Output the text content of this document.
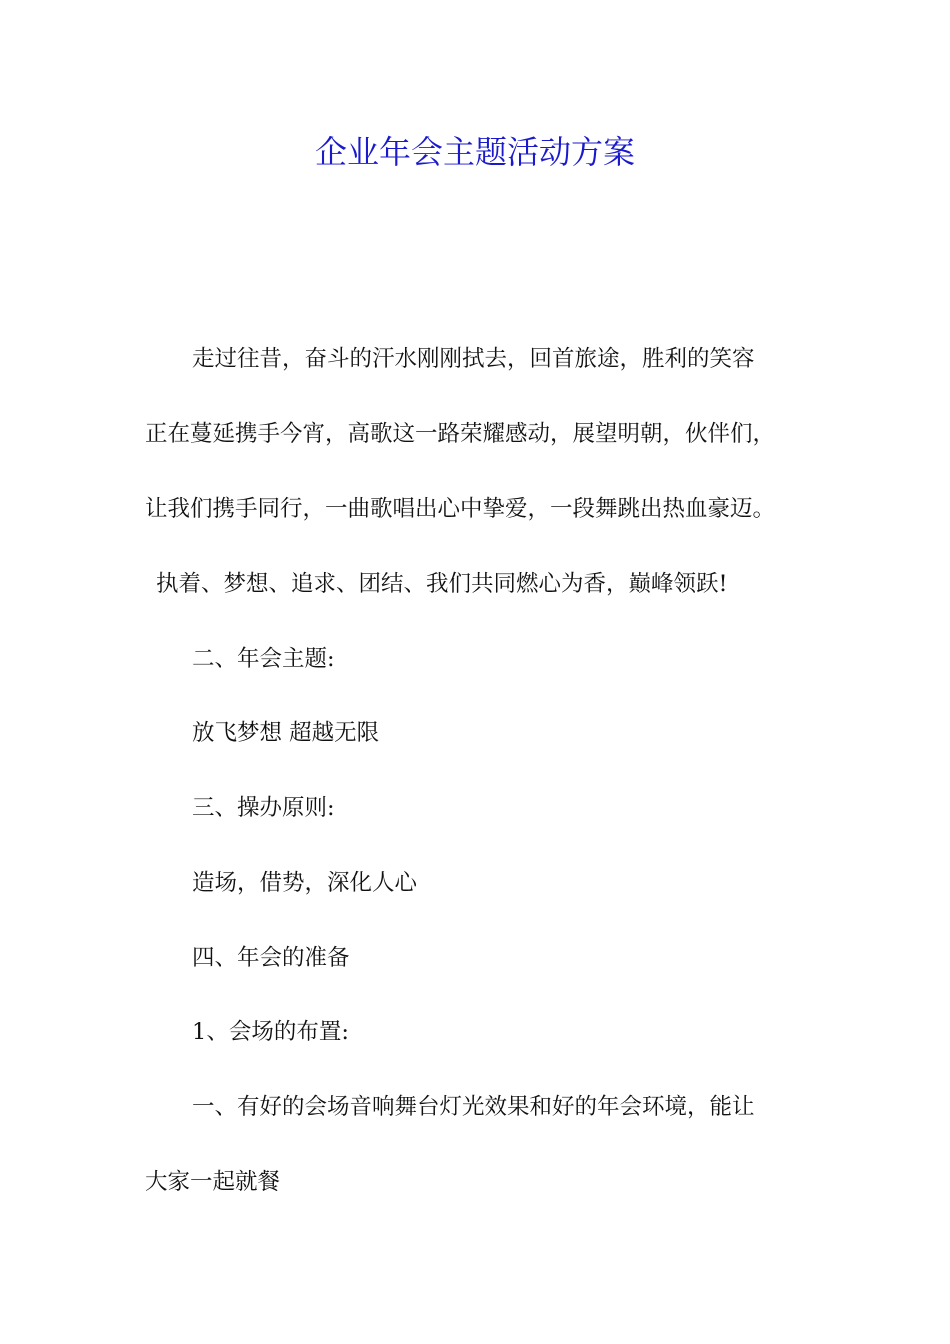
企业年会主题活动方案
走过往昔，奋斗的汗水刚刚拭去，回首旅途，胜利的笑容
正在蔓延携手今宵，高歌这一路荣耀感动，展望明朝，伙伴们，
让我们携手同行，一曲歌唱出心中挚爱，一段舞跳出热血豪迈。
执着、梦想、追求、团结、我们共同燃心为香，巅峰领跃!
二、年会主题:
放飞梦想 超越无限
三、操办原则:
造场，借势，深化人心
四、年会的准备
1、会场的布置:
一、有好的会场音响舞台灯光效果和好的年会环境，能让
大家一起就餐
